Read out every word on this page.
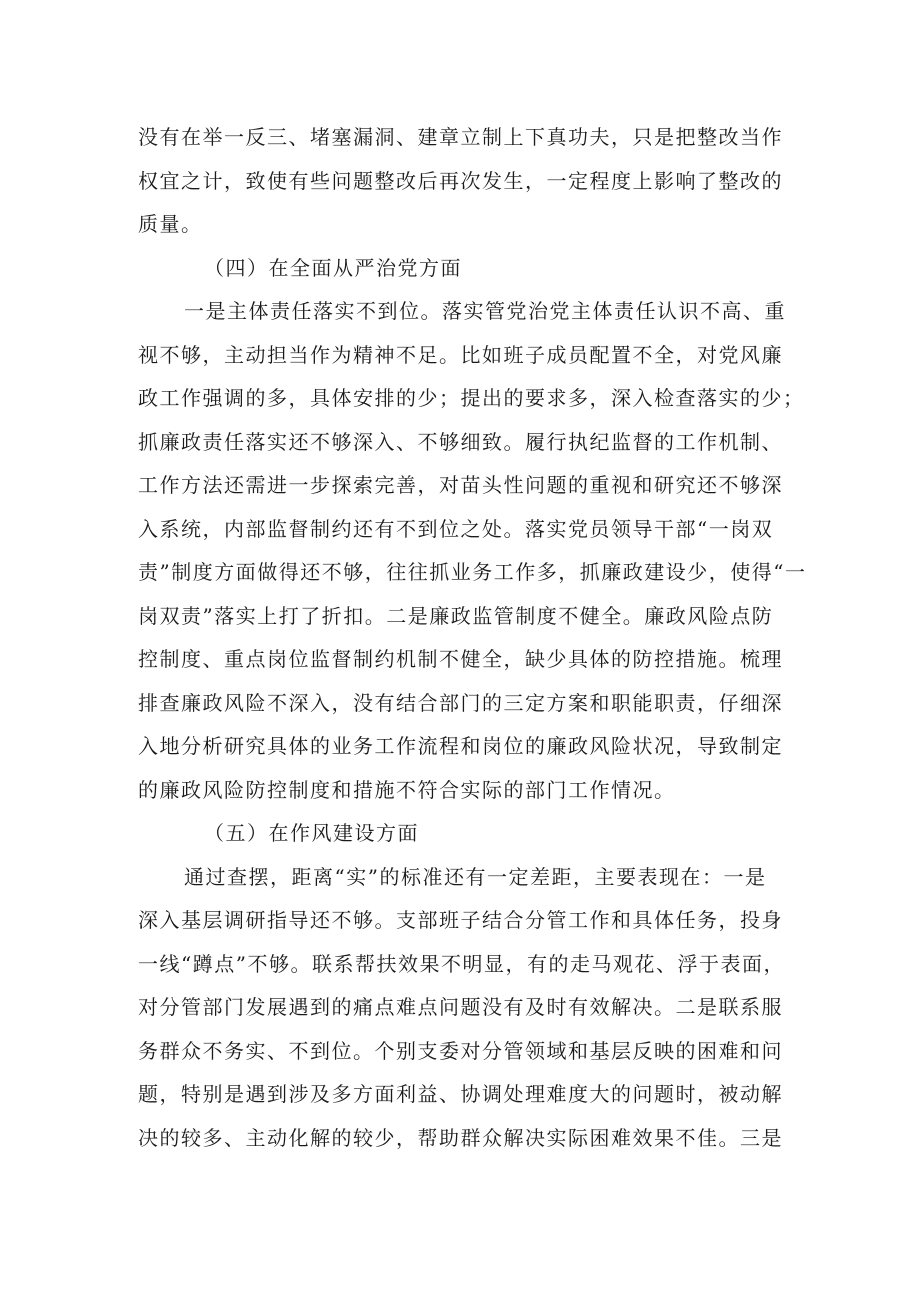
没有在举一反三、堵塞漏洞、建章立制上下真功夫，只是把整改当作
权宜之计，致使有些问题整改后再次发生，一定程度上影响了整改的
质量。
（四）在全面从严治党方面
一是主体责任落实不到位。落实管党治党主体责任认识不高、重
视不够，主动担当作为精神不足。比如班子成员配置不全，对党风廉
政工作强调的多，具体安排的少；提出的要求多，深入检查落实的少；
抓廉政责任落实还不够深入、不够细致。履行执纪监督的工作机制、
工作方法还需进一步探索完善，对苗头性问题的重视和研究还不够深
入系统，内部监督制约还有不到位之处。落实党员领导干部“一岗双
责”制度方面做得还不够，往往抓业务工作多，抓廉政建设少，使得“一
岗双责”落实上打了折扣。二是廉政监管制度不健全。廉政风险点防
控制度、重点岗位监督制约机制不健全，缺少具体的防控措施。梳理
排查廉政风险不深入，没有结合部门的三定方案和职能职责，仔细深
入地分析研究具体的业务工作流程和岗位的廉政风险状况，导致制定
的廉政风险防控制度和措施不符合实际的部门工作情况。
（五）在作风建设方面
通过查摆，距离“实”的标准还有一定差距，主要表现在：一是
深入基层调研指导还不够。支部班子结合分管工作和具体任务，投身
一线“蹲点”不够。联系帮扶效果不明显，有的走马观花、浮于表面，
对分管部门发展遇到的痛点难点问题没有及时有效解决。二是联系服
务群众不务实、不到位。个别支委对分管领域和基层反映的困难和问
题，特别是遇到涉及多方面利益、协调处理难度大的问题时，被动解
决的较多、主动化解的较少，帮助群众解决实际困难效果不佳。三是
